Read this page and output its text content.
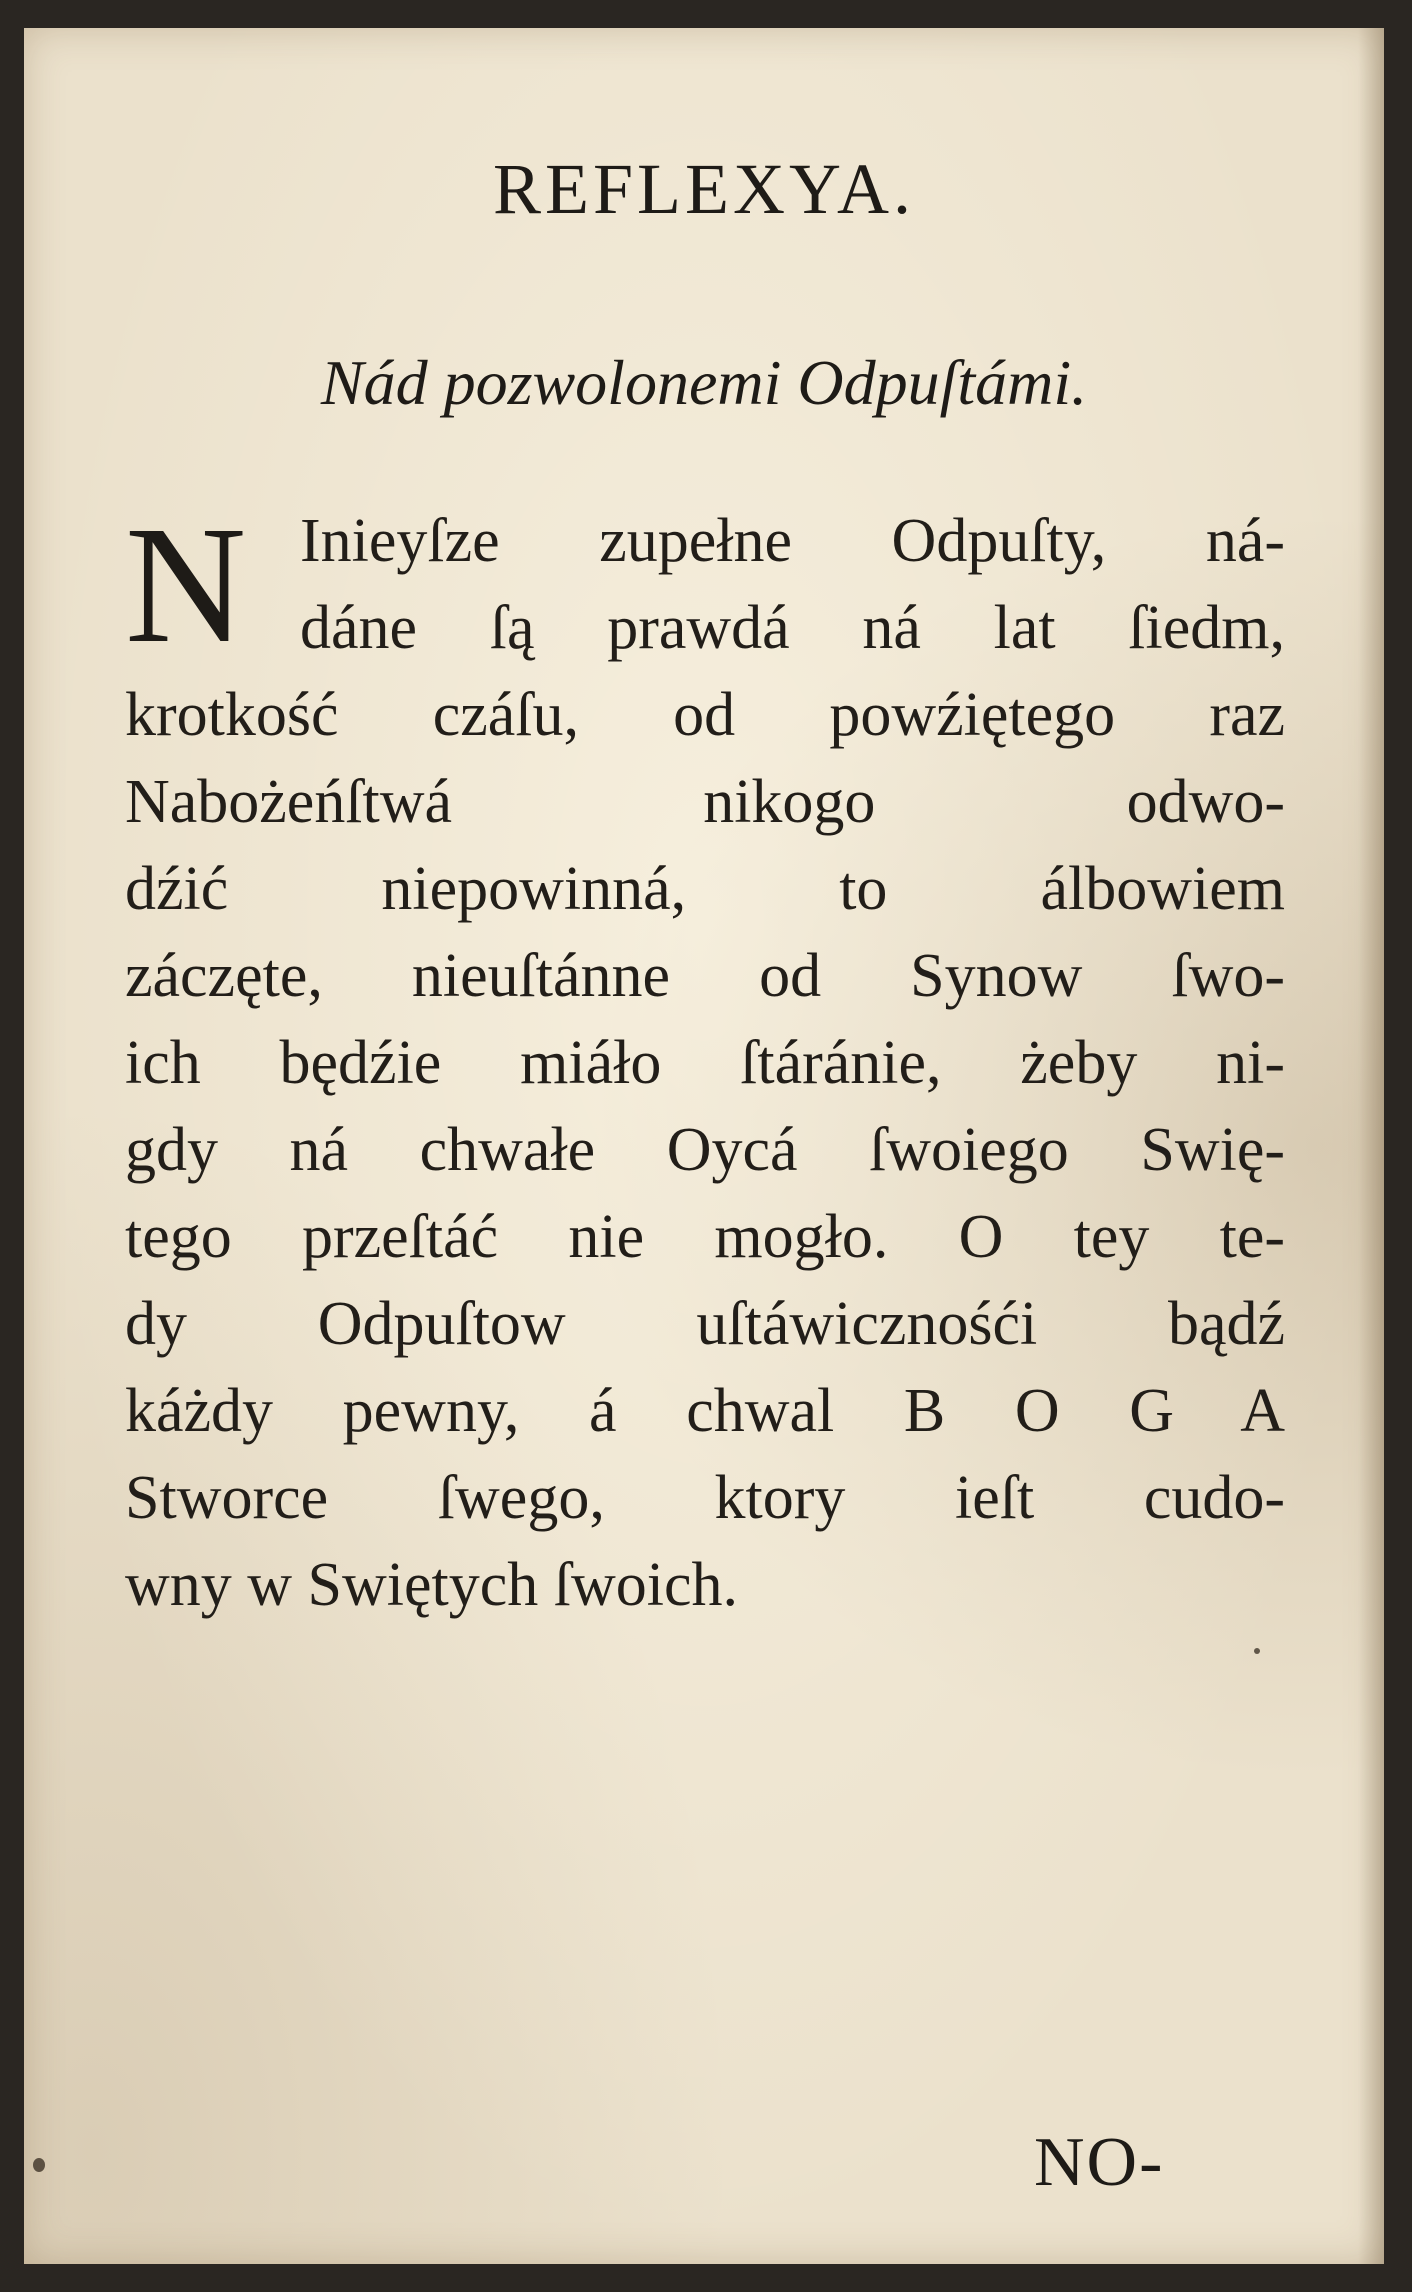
REFLEXYA.
Nád pozwolonemi Odpuſtámi.
Inieyſze zupełne Odpuſty, ná-
dáne ſą prawdá ná lat ſiedm,
krotkość czáſu, od powźiętego raz
Nabożeńſtwá nikogo odwo-
dźić niepowinná, to álbowiem
záczęte, nieuſtánne od Synow ſwo-
ich będźie miáło ſtáránie, żeby ni-
gdy ná chwałe Oycá ſwoiego Swię-
tego przeſtáć nie mogło. O tey te-
dy Odpuſtow uſtáwicznośći bądź
káżdy pewny, á chwal B O G A
Stworce ſwego, ktory ieſt cudo-
wny w Swiętych ſwoich.
N
NO-
